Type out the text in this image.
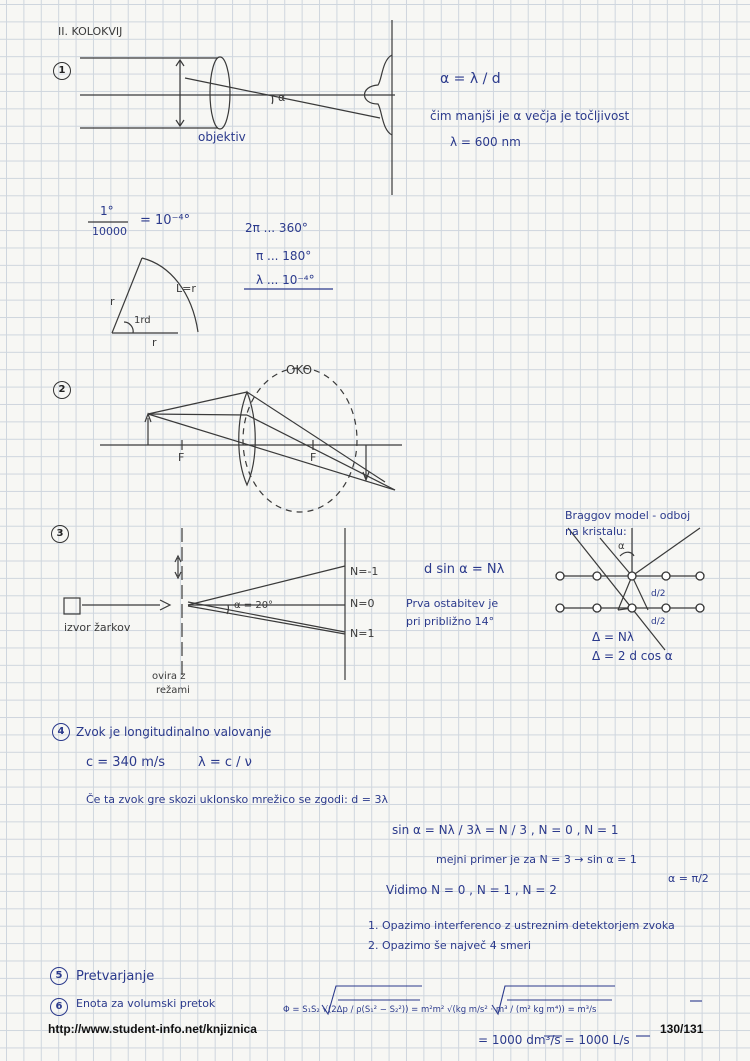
II. KOLOKVIJ
1
objektiv
α
α = λ / d
čim manjši je α večja je točljivost
λ = 600 nm
1°
10000
= 10⁻⁴°	2π ... 360°
π ... 180°
λ ... 10⁻⁴°
L=r
r
r
1rd
2
OKO
F	F
3
N=-1
N=0
N=1
α = 20°
izvor žarkov
ovira z
režami
d sin α = Nλ
Prva ostabitev je
pri približno 14°
Braggov model - odboj
na kristalu:
α
d/2
d/2
Δ = Nλ
Δ = 2 d cos α
4 Zvok je longitudinalno valovanje
c = 340 m/s	λ = c / ν
Če ta zvok gre skozi uklonsko mrežico se zgodi: d = 3λ
sin α = Nλ / 3λ = N / 3 , N = 0 , N = 1
mejni primer je za N = 3 → sin α = 1
α = π/2
Vidimo N = 0 , N = 1 , N = 2
1. Opazimo interferenco z ustreznim detektorjem zvoka
2. Opazimo še največ 4 smeri
5	Pretvarjanje
6	Enota za volumski pretok	Φ = S₁S₂ √(2Δp / ρ(S₁² − S₂²)) = m²m² √(kg m/s² · m³ / (m² kg m⁴)) = m³/s
= 1000 dm³/s = 1000 L/s
http://www.student-info.net/knjiznica	130/131
